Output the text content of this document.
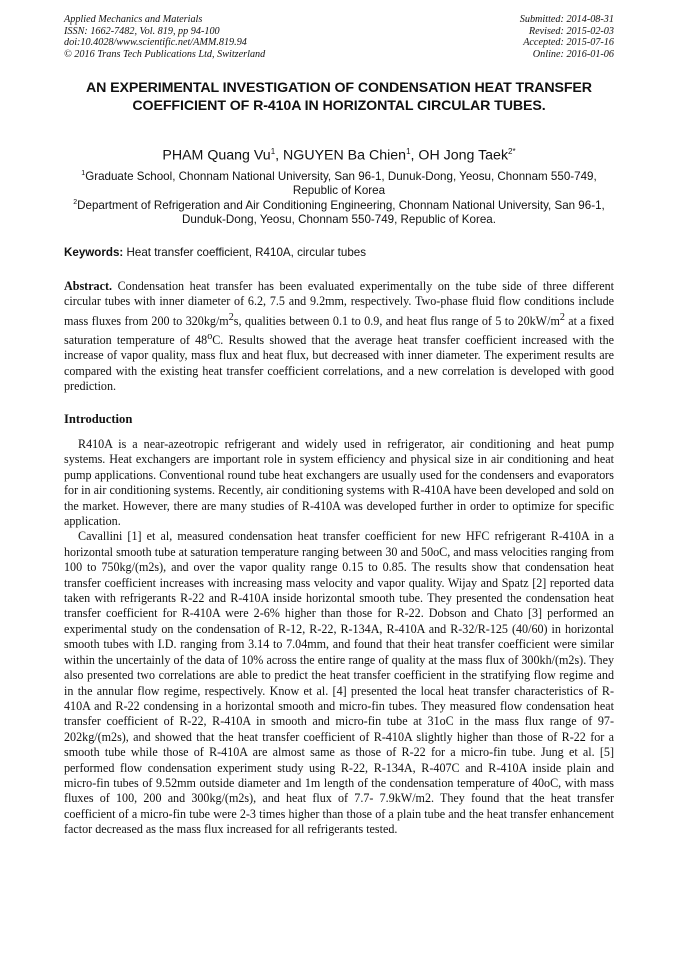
Applied Mechanics and Materials
ISSN: 1662-7482, Vol. 819, pp 94-100
doi:10.4028/www.scientific.net/AMM.819.94
© 2016 Trans Tech Publications Ltd, Switzerland
Submitted: 2014-08-31
Revised: 2015-02-03
Accepted: 2015-07-16
Online: 2016-01-06
AN EXPERIMENTAL INVESTIGATION OF CONDENSATION HEAT TRANSFER COEFFICIENT OF R-410A IN HORIZONTAL CIRCULAR TUBES.
PHAM Quang Vu$^1$, NGUYEN Ba Chien$^1$, OH Jong Taek$^{2*}$
$^1$Graduate School, Chonnam National University, San 96-1, Dunuk-Dong, Yeosu, Chonnam 550-749, Republic of Korea
$^2$Department of Refrigeration and Air Conditioning Engineering, Chonnam National University, San 96-1, Dunduk-Dong, Yeosu, Chonnam 550-749, Republic of Korea.
Keywords: Heat transfer coefficient, R410A, circular tubes
Abstract. Condensation heat transfer has been evaluated experimentally on the tube side of three different circular tubes with inner diameter of 6.2, 7.5 and 9.2mm, respectively. Two-phase fluid flow conditions include mass fluxes from 200 to $320kg/m^2s$, qualities between 0.1 to 0.9, and heat flus range of 5 to $20kW/m^2$ at a fixed saturation temperature of 48$^o$C. Results showed that the average heat transfer coefficient increased with the increase of vapor quality, mass flux and heat flux, but decreased with inner diameter. The experiment results are compared with the existing heat transfer coefficient correlations, and a new correlation is developed with good prediction.
Introduction

R410A is a near-azeotropic refrigerant and widely used in refrigerator, air conditioning and heat pump systems. Heat exchangers are important role in system efficiency and physical size in air conditioning and heat pump applications. Conventional round tube heat exchangers are usually used for the condensers and evaporators for in air conditioning systems. Recently, air conditioning systems with R-410A have been developed and sold on the market. However, there are many studies of R-410A was developed further in order to optimize for specific application.

Cavallini [1] et al, measured condensation heat transfer coefficient for new HFC refrigerant R-410A in a horizontal smooth tube at saturation temperature ranging between 30 and 50oC, and mass velocities ranging from 100 to 750kg/(m2s), and over the vapor quality range 0.15 to 0.85. The results show that condensation heat transfer coefficient increases with increasing mass velocity and vapor quality. Wijay and Spatz [2] reported data taken with refrigerants R-22 and R-410A inside horizontal smooth tube. They presented the condensation heat transfer coefficient for R-410A were 2-6% higher than those for R-22. Dobson and Chato [3] performed an experimental study on the condensation of R-12, R-22, R-134A, R-410A and R-32/R-125 (40/60) in horizontal smooth tubes with I.D. ranging from 3.14 to 7.04mm, and found that their heat transfer coefficient were similar within the uncertainly of the data of 10% across the entire range of quality at the mass flux of 300kh/(m2s). They also presented two correlations are able to predict the heat transfer coefficient in the stratifying flow regime and in the annular flow regime, respectively. Know et al. [4] presented the local heat transfer characteristics of R-410A and R-22 condensing in a horizontal smooth and micro-fin tubes. They measured flow condensation heat transfer coefficient of R-22, R-410A in smooth and micro-fin tube at 31oC in the mass flux range of 97-202kg/(m2s), and showed that the heat transfer coefficient of R-410A slightly higher than those of R-22 for a smooth tube while those of R-410A are almost same as those of R-22 for a micro-fin tube. Jung et al. [5] performed flow condensation experiment study using R-22, R-134A, R-407C and R-410A inside plain and micro-fin tubes of 9.52mm outside diameter and 1m length of the condensation temperature of 40oC, with mass fluxes of 100, 200 and 300kg/(m2s), and heat flux of 7.7- 7.9kW/m2. They found that the heat transfer coefficient of a micro-fin tube were 2-3 times higher than those of a plain tube and the heat transfer enhancement factor decreased as the mass flux increased for all refrigerants tested.
